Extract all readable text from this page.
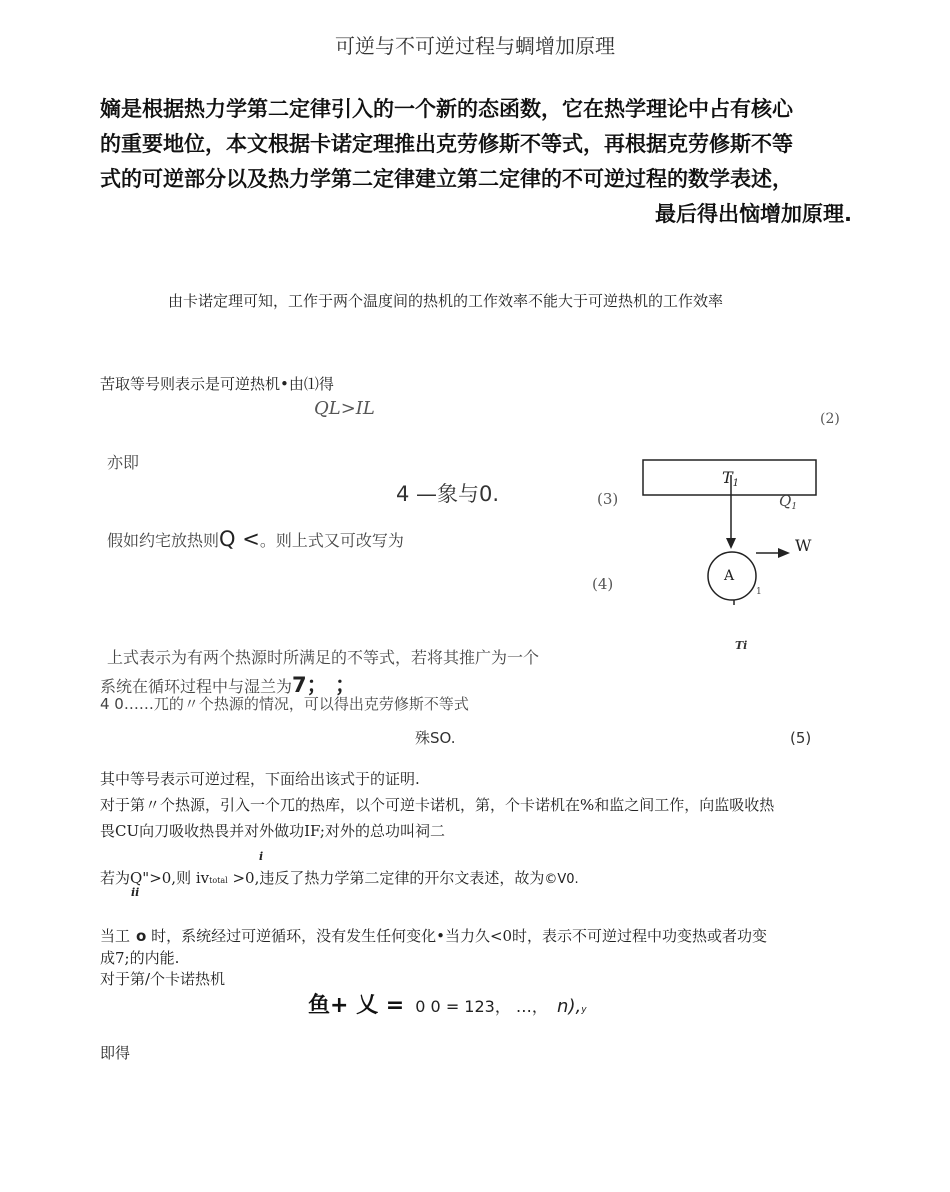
可逆与不可逆过程与蜩增加原理
嫡是根据热力学第二定律引入的一个新的态函数，它在热学理论中占有核心
的重要地位，本文根据卡诺定理推出克劳修斯不等式，再根据克劳修斯不等
式的可逆部分以及热力学第二定律建立第二定律的不可逆过程的数学表述，
最后得出恼增加原理.
由卡诺定理可知，工作于两个温度间的热机的工作效率不能大于可逆热机的工作效率
苦取等号则表示是可逆热机•由⑴得
QL>IL	(2)
亦即
4 —象与0.	(3)
假如约宅放热则Q <。则上式又可改写为
(4)
T1
$Q_1$
A
1
W
Ti
上式表示为有两个热源时所满足的不等式，若将其推广为一个
系统在循环过程中与湿兰为7； ；
4 0……兀的〃个热源的情况，可以得出克劳修斯不等式
殊SO.	(5)
其中等号表示可逆过程，下面给出该式于的证明.
对于第〃个热源，引入一个兀的热库，以个可逆卡诺机，第，个卡诺机在%和监之间工作，向监吸收热
畏CU向刀吸收热畏并对外做功IF;对外的总功叫祠二
i
若为Q">0,则 ivtotal >0,违反了热力学第二定律的开尔文表述，故为©V0.
ii
当工 o 时，系统经过可逆循环，没有发生任何变化•当力久<0时，表示不可逆过程中功变热或者功变
成7;的内能.
对于第/个卡诺热机
鱼+ 乂 = 0 0 = 123， …， n),y
即得
